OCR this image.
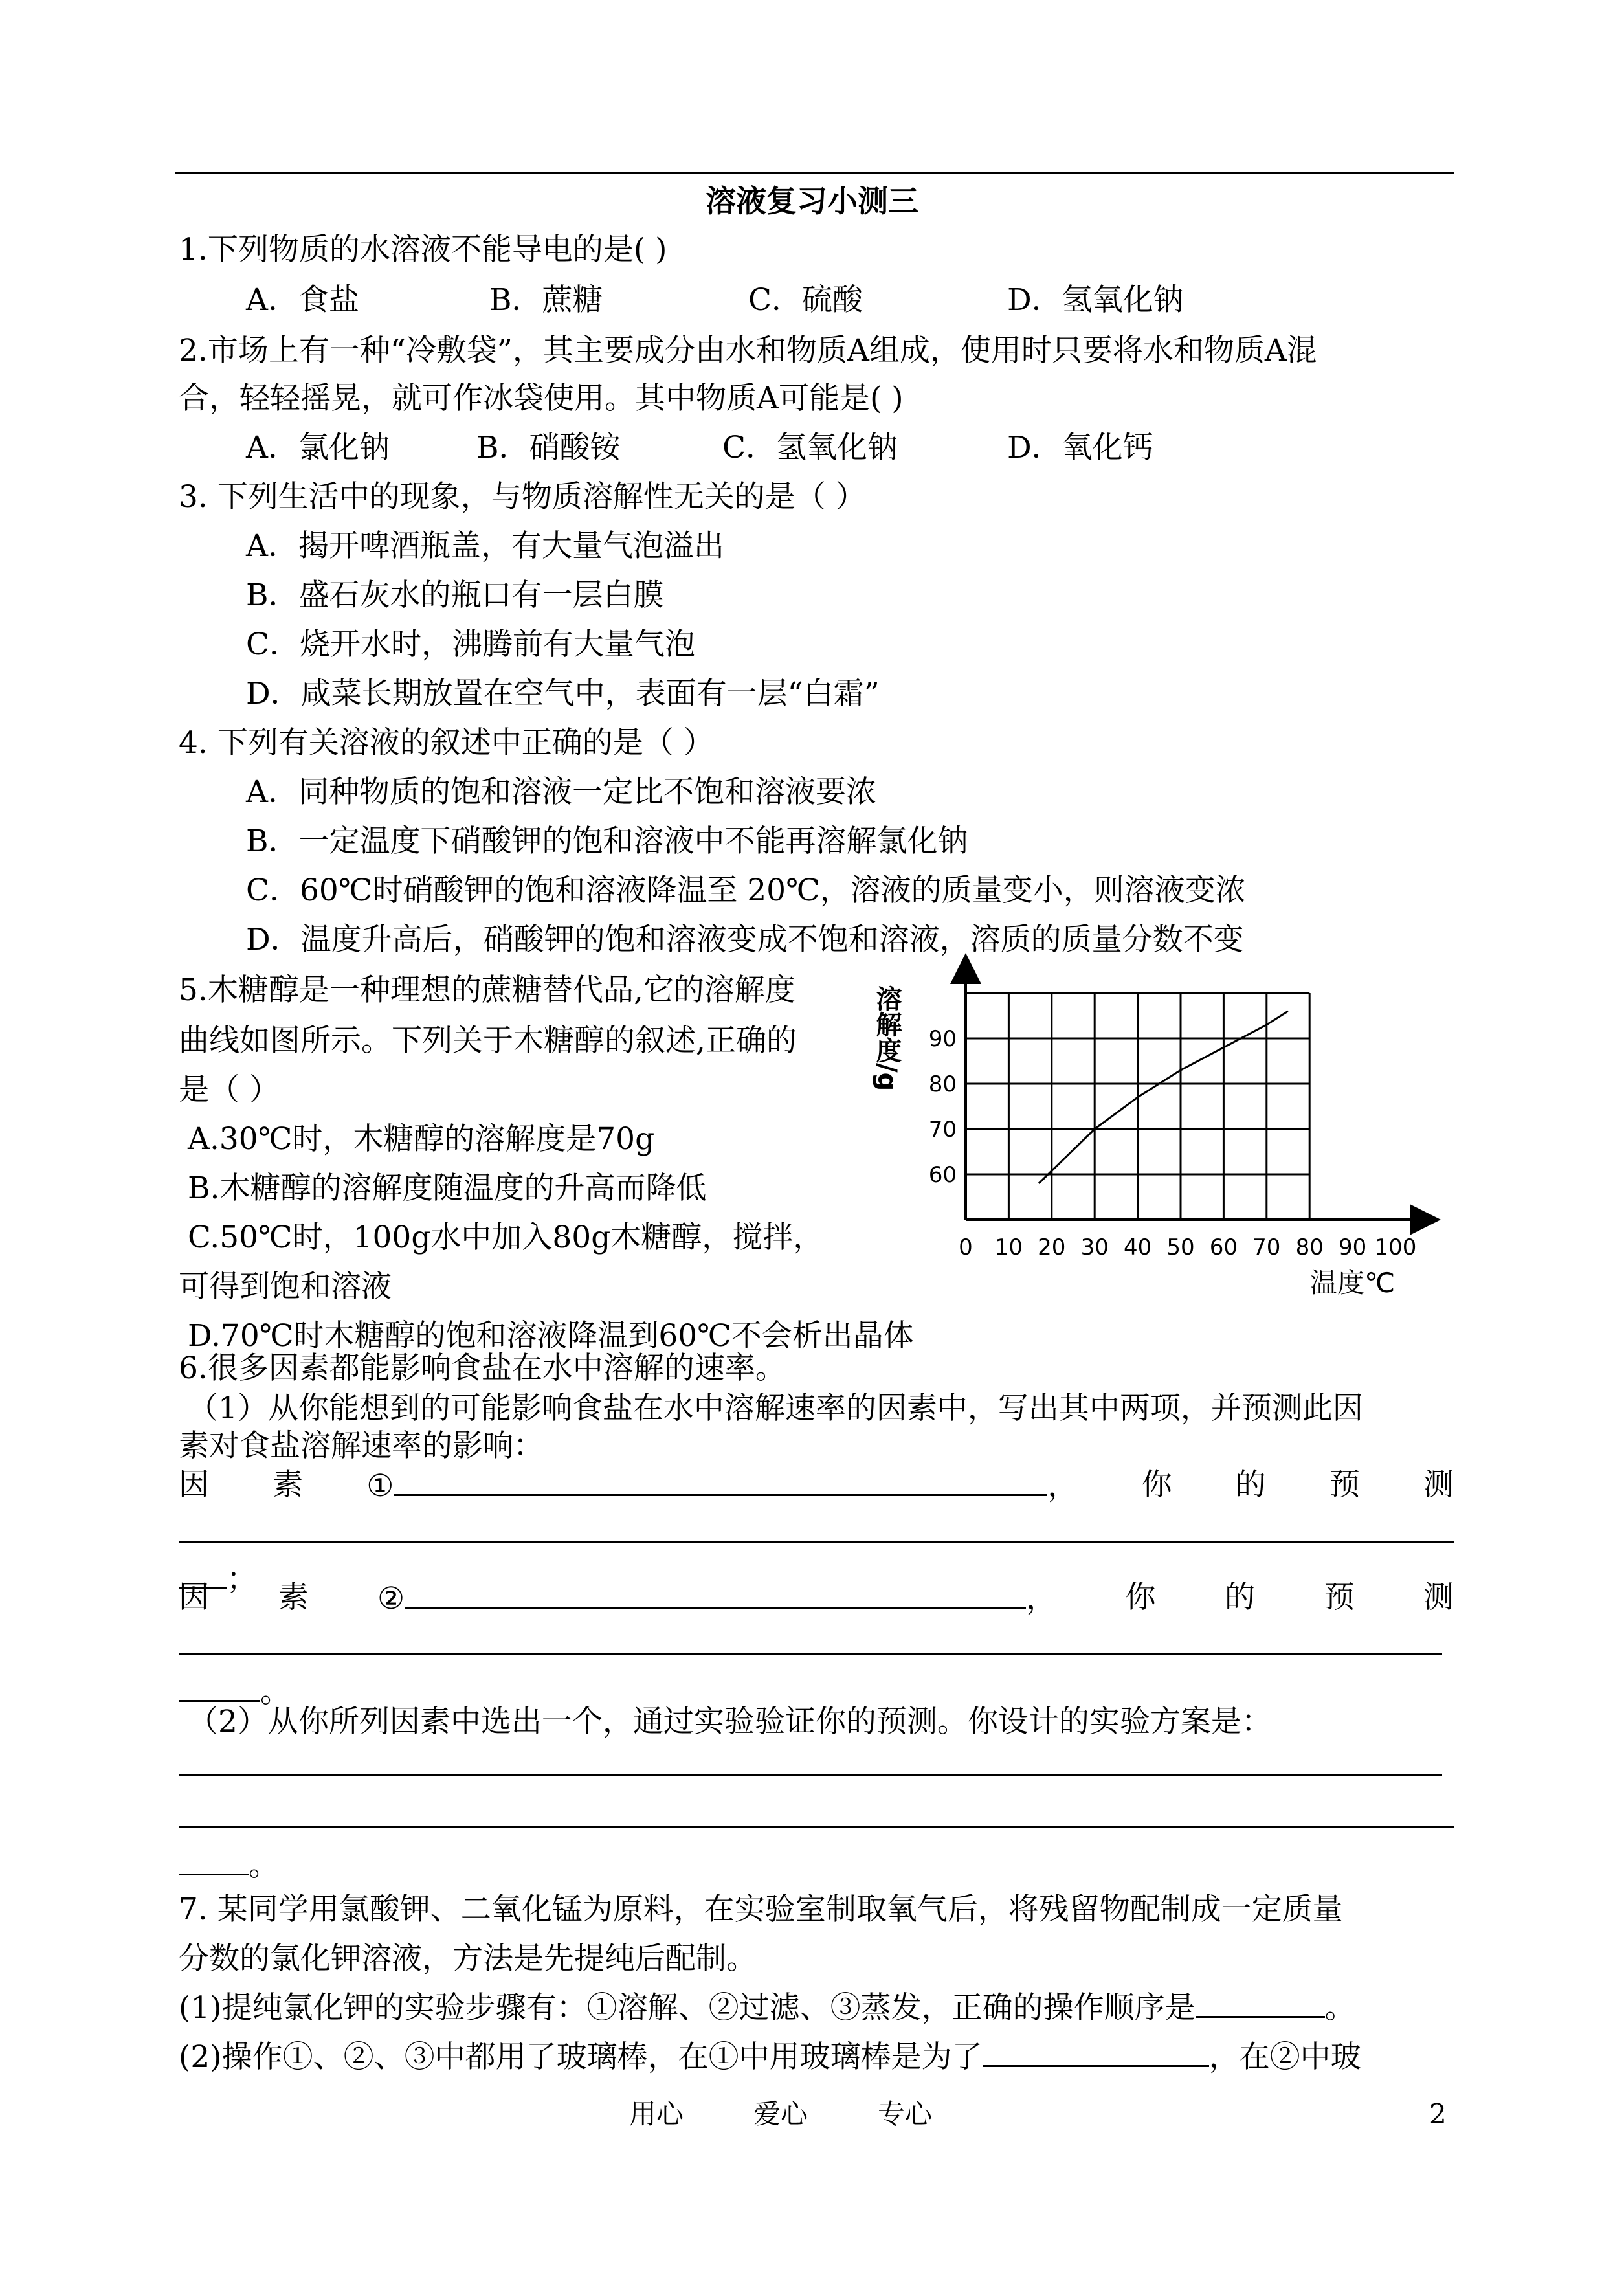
溶液复习小测三
1.下列物质的水溶液不能导电的是( )
A．食盐	B．蔗糖	C．硫酸	D．氢氧化钠
2.市场上有一种“冷敷袋”，其主要成分由水和物质A组成，使用时只要将水和物质A混
合，轻轻摇晃，就可作冰袋使用。其中物质A可能是( )
A．氯化钠	B．硝酸铵	C．氢氧化钠	D．氧化钙
3. 下列生活中的现象，与物质溶解性无关的是（ ）
A．揭开啤酒瓶盖，有大量气泡溢出
B．盛石灰水的瓶口有一层白膜
C．烧开水时，沸腾前有大量气泡
D．咸菜长期放置在空气中，表面有一层“白霜”
4. 下列有关溶液的叙述中正确的是（ ）
A．同种物质的饱和溶液一定比不饱和溶液要浓
B．一定温度下硝酸钾的饱和溶液中不能再溶解氯化钠
C．60℃时硝酸钾的饱和溶液降温至 20℃，溶液的质量变小，则溶液变浓
D．温度升高后，硝酸钾的饱和溶液变成不饱和溶液，溶质的质量分数不变
5.木糖醇是一种理想的蔗糖替代品,它的溶解度
曲线如图所示。下列关于木糖醇的叙述,正确的
是（ ）
A.30℃时，木糖醇的溶解度是70g
B.木糖醇的溶解度随温度的升高而降低
C.50℃时，100g水中加入80g木糖醇，搅拌，
可得到饱和溶液
D.70℃时木糖醇的饱和溶液降温到60℃不会析出晶体
0 10 20 30 40 50 60 70 80 90 100
60
70
80
90
溶解度/g
温度℃
6.很多因素都能影响食盐在水中溶解的速率。
（1）从你能想到的可能影响食盐在水中溶解速率的因素中，写出其中两项，并预测此因
素对食盐溶解速率的影响：
因 素 ①	， 你 的 预 测
；
因 素 ②	， 你 的 预 测
。
（2）从你所列因素中选出一个，通过实验验证你的预测。你设计的实验方案是：
。
7. 某同学用氯酸钾、二氧化锰为原料，在实验室制取氧气后，将残留物配制成一定质量
分数的氯化钾溶液，方法是先提纯后配制。
(1)提纯氯化钾的实验步骤有：①溶解、②过滤、③蒸发，正确的操作顺序是	。
(2)操作①、②、③中都用了玻璃棒，在①中用玻璃棒是为了	，在②中玻
用心	爱心	专心	2
